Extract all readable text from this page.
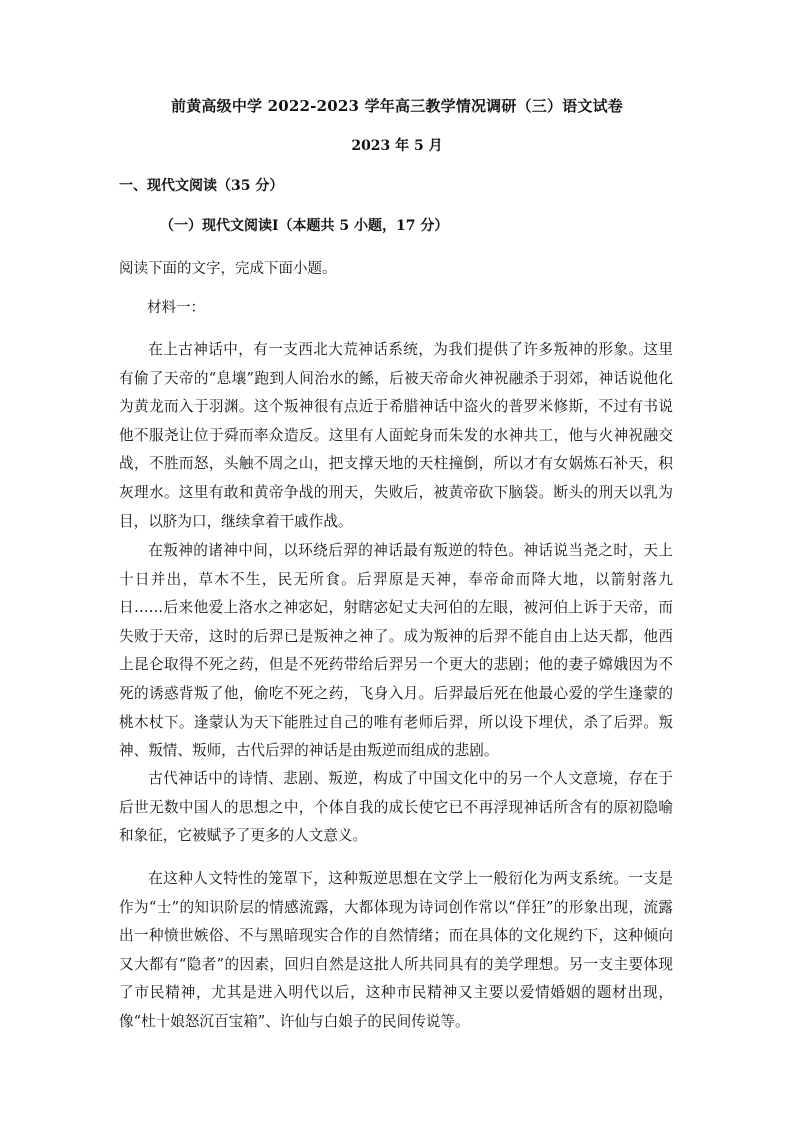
前黄高级中学 2022-2023 学年高三教学情况调研（三）语文试卷
2023 年 5 月
一、现代文阅读（35 分）
（一）现代文阅读Ⅰ（本题共 5 小题，17 分）
阅读下面的文字，完成下面小题。
材料一：

在上古神话中，有一支西北大荒神话系统，为我们提供了许多叛神的形象。这里有偷了天帝的“息壤”跑到人间治水的鲧，后被天帝命火神祝融杀于羽郊，神话说他化为黄龙而入于羽渊。这个叛神很有点近于希腊神话中盗火的普罗米修斯，不过有书说他不服尧让位于舜而率众造反。这里有人面蛇身而朱发的水神共工，他与火神祝融交战，不胜而怒，头触不周之山，把支撑天地的天柱撞倒，所以才有女娲炼石补天，积灰理水。这里有敢和黄帝争战的刑天，失败后，被黄帝砍下脑袋。断头的刑天以乳为目，以脐为口，继续拿着干戚作战。

在叛神的诸神中间，以环绕后羿的神话最有叛逆的特色。神话说当尧之时，天上十日并出，草木不生，民无所食。后羿原是天神，奉帝命而降大地，以箭射落九日……后来他爱上洛水之神宓妃，射瞎宓妃丈夫河伯的左眼，被河伯上诉于天帝，而失败于天帝，这时的后羿已是叛神之神了。成为叛神的后羿不能自由上达天都，他西上昆仑取得不死之药，但是不死药带给后羿另一个更大的悲剧；他的妻子嫦娥因为不死的诱惑背叛了他，偷吃不死之药，飞身入月。后羿最后死在他最心爱的学生逢蒙的桃木杖下。逢蒙认为天下能胜过自己的唯有老师后羿，所以设下埋伏，杀了后羿。叛神、叛情、叛师，古代后羿的神话是由叛逆而组成的悲剧。

古代神话中的诗情、悲剧、叛逆，构成了中国文化中的另一个人文意境，存在于后世无数中国人的思想之中，个体自我的成长使它已不再浮现神话所含有的原初隐喻和象征，它被赋予了更多的人文意义。

在这种人文特性的笼罩下，这种叛逆思想在文学上一般衍化为两支系统。一支是作为“士”的知识阶层的情感流露，大都体现为诗词创作常以“佯狂”的形象出现，流露出一种愤世嫉俗、不与黑暗现实合作的自然情绪；而在具体的文化规约下，这种倾向又大都有“隐者”的因素，回归自然是这批人所共同具有的美学理想。另一支主要体现了市民精神，尤其是进入明代以后，这种市民精神又主要以爱情婚姻的题材出现，像“杜十娘怒沉百宝箱”、许仙与白娘子的民间传说等。
